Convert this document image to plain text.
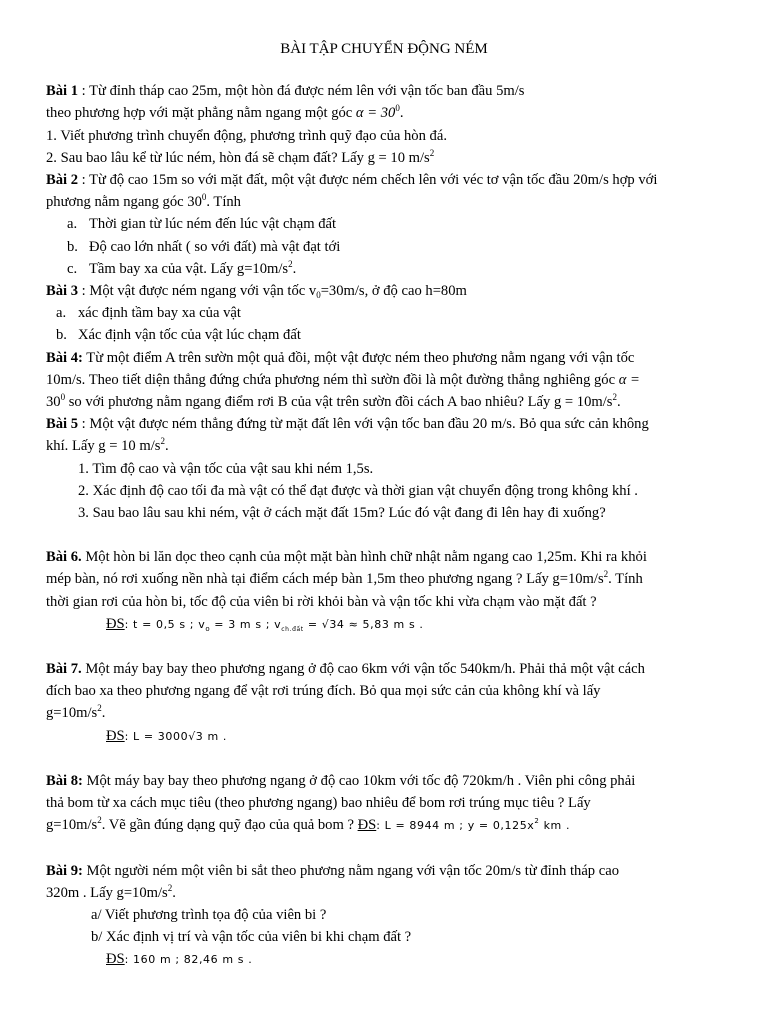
BÀI TẬP CHUYỂN ĐỘNG NÉM
Bài 1 : Từ đỉnh tháp cao 25m, một hòn đá được ném lên với vận tốc ban đầu 5m/s
theo phương hợp với mặt phẳng nằm ngang một góc $\alpha = 30^0$.
1. Viết phương trình chuyển động, phương trình quỹ đạo của hòn đá.
2. Sau bao lâu kể từ lúc ném, hòn đá sẽ chạm đất? Lấy g = 10 $m/s^2$
Bài 2 : Từ độ cao 15m so với mặt đất, một vật được ném chếch lên với véc tơ vận tốc đầu 20m/s hợp với
phương nằm ngang góc $30^0$. Tính
a. Thời gian từ lúc ném đến lúc vật chạm đất
b. Độ cao lớn nhất ( so với đất) mà vật đạt tới
c. Tầm bay xa của vật. Lấy $g=10m/s^2$.
Bài 3 : Một vật được ném ngang với vận tốc $v_0=30m/s$, ở độ cao h=80m
a. xác định tầm bay xa của vật
b. Xác định vận tốc của vật lúc chạm đất
Bài 4: Từ một điểm A trên sườn một quả đồi, một vật được ném theo phương nằm ngang với vận tốc
10m/s. Theo tiết diện thẳng đứng chứa phương ném thì sườn đồi là một đường thẳng nghiêng góc α =
$30^0$ so với phương nằm ngang điểm rơi B của vật trên sườn đồi cách A bao nhiêu? Lấy $g = 10m/s^2$.
Bài 5 : Một vật được ném thẳng đứng từ mặt đất lên với vận tốc ban đầu 20 m/s. Bỏ qua sức cản không
khí. Lấy g = 10 $m/s^2$.
1. Tìm độ cao và vận tốc của vật sau khi ném 1,5s.
2. Xác định độ cao tối đa mà vật có thể đạt được và thời gian vật chuyển động trong không khí .
3. Sau bao lâu sau khi ném, vật ở cách mặt đất 15m? Lúc đó vật đang đi lên hay đi xuống?
Bài 6. Một hòn bi lăn dọc theo cạnh của một mặt bàn hình chữ nhật nằm ngang cao 1,25m. Khi ra khỏi
mép bàn, nó rơi xuống nền nhà tại điểm cách mép bàn 1,5m theo phương ngang ? Lấy $g=10m/s^2$. Tính
thời gian rơi của hòn bi, tốc độ của viên bi rời khỏi bàn và vận tốc khi vừa chạm vào mặt đất ?
ĐS: t = 0,5 s ; $v_o = 3$ m s ; $v_{ch.đất} = √34 \approx 5,83$ m s .
Bài 7. Một máy bay bay theo phương ngang ở độ cao 6km với vận tốc 540km/h. Phải thả một vật cách
đích bao xa theo phương ngang để vật rơi trúng đích. Bỏ qua mọi sức cản của không khí và lấy
$g=10m/s^2$.
ĐS: L = 3000√3 m .
Bài 8: Một máy bay bay theo phương ngang ở độ cao 10km với tốc độ 720km/h . Viên phi công phải
thả bom từ xa cách mục tiêu (theo phương ngang) bao nhiêu để bom rơi trúng mục tiêu ? Lấy
$g=10m/s^2$. Vẽ gần đúng dạng quỹ đạo của quả bom ? ĐS: L = 8944 m ; $y = 0,125x^2$ km .
Bài 9: Một người ném một viên bi sắt theo phương nằm ngang với vận tốc 20m/s từ đỉnh tháp cao
320m . Lấy $g=10m/s^2$.
a/ Viết phương trình tọa độ của viên bi ?
b/ Xác định vị trí và vận tốc của viên bi khi chạm đất ?
ĐS: 160 m ; 82,46 m s .
